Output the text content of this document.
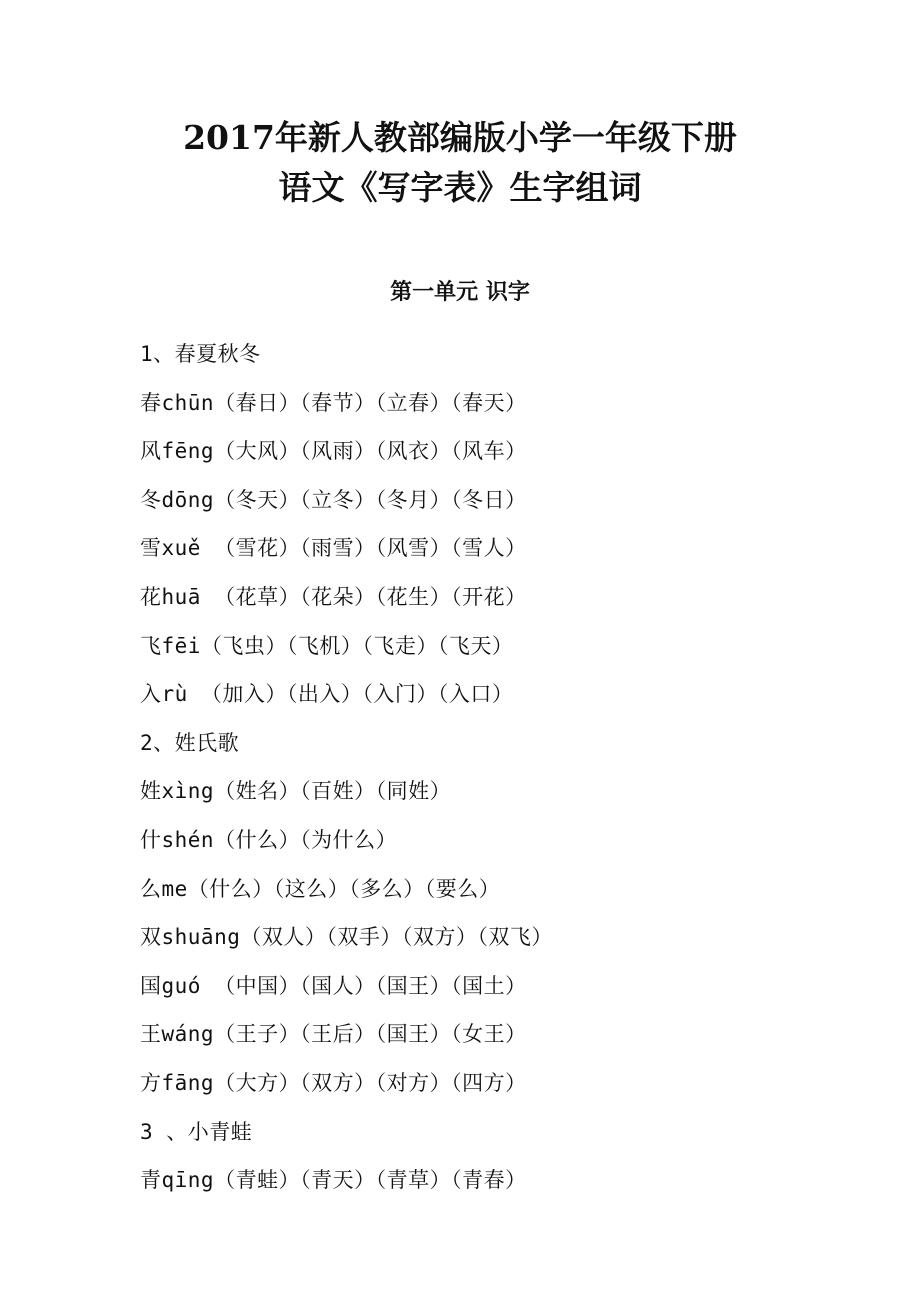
2017年新人教部编版小学一年级下册
语文《写字表》生字组词
第一单元 识字
1、春夏秋冬
春chūn（春日）（春节）（立春）（春天）
风fēng（大风）（风雨）（风衣）（风车）
冬dōng（冬天）（立冬）（冬月）（冬日）
雪xuě （雪花）（雨雪）（风雪）（雪人）
花huā （花草）（花朵）（花生）（开花）
飞fēi（飞虫）（飞机）（飞走）（飞天）
入rù （加入）（出入）（入门）（入口）
2、姓氏歌
姓xìng（姓名）（百姓）（同姓）
什shén（什么）（为什么）
么me（什么）（这么）（多么）（要么）
双shuāng（双人）（双手）（双方）（双飞）
国guó （中国）（国人）（国王）（国土）
王wáng（王子）（王后）（国王）（女王）
方fāng（大方）（双方）（对方）（四方）
3 、小青蛙
青qīng（青蛙）（青天）（青草）（青春）
